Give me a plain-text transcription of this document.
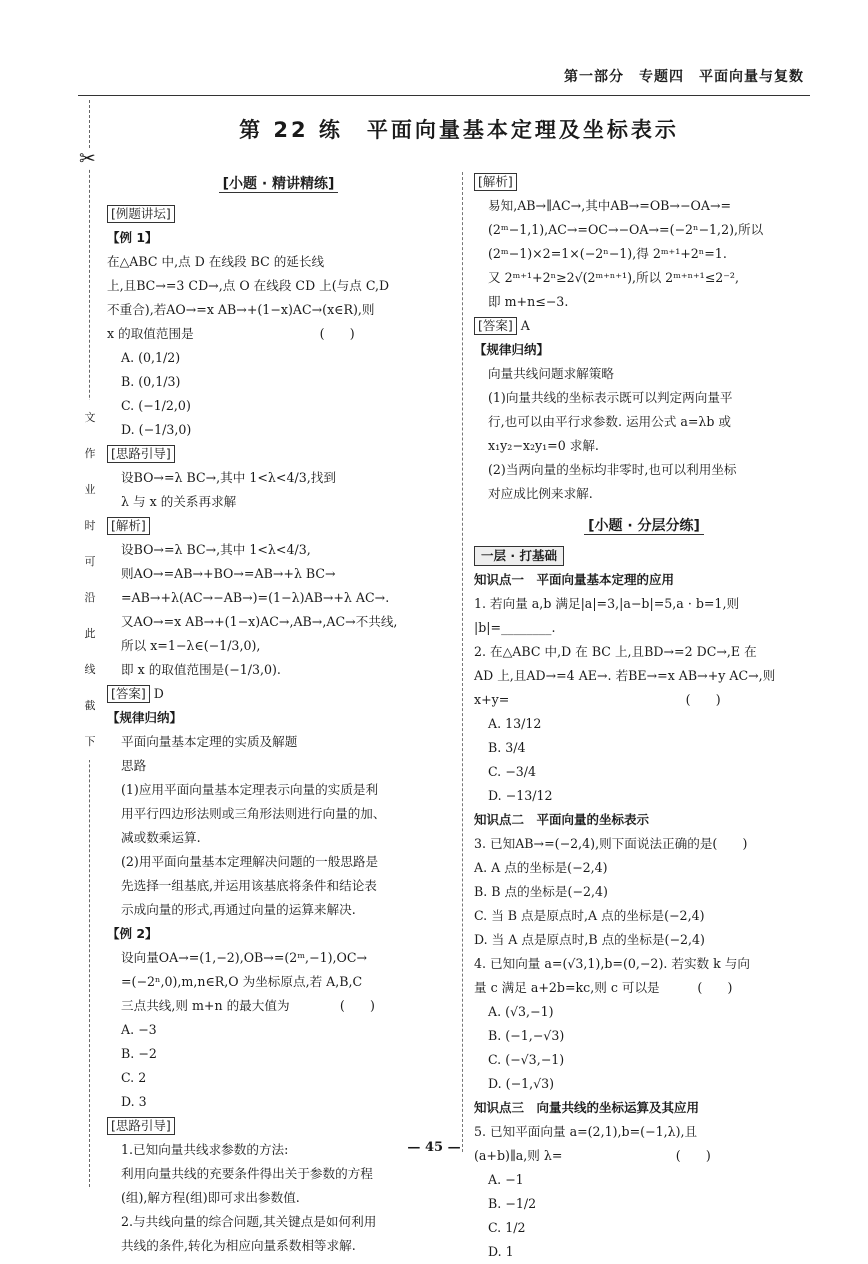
第一部分　专题四　平面向量与复数
✂
文
作
业
时
可
沿
此
线
截
下
第 22 练　平面向量基本定理及坐标表示
[小题 · 精讲精练]
[例题讲坛]
【例 1】
在△ABC 中,点 D 在线段 BC 的延长线
上,且BC→=3 CD→,点 O 在线段 CD 上(与点 C,D
不重合),若AO→=x AB→+(1−x)AC→(x∈R),则
x 的取值范围是　　　　　　　　　　(　　)
A. (0,1/2)
B. (0,1/3)
C. (−1/2,0)
D. (−1/3,0)
[思路引导]
设BO→=λ BC→,其中 1<λ<4/3,找到
λ 与 x 的关系再求解
[解析]
设BO→=λ BC→,其中 1<λ<4/3,
则AO→=AB→+BO→=AB→+λ BC→
=AB→+λ(AC→−AB→)=(1−λ)AB→+λ AC→.
又AO→=x AB→+(1−x)AC→,AB→,AC→不共线,
所以 x=1−λ∈(−1/3,0),
即 x 的取值范围是(−1/3,0).
[答案] D
【规律归纳】
平面向量基本定理的实质及解题
思路
(1)应用平面向量基本定理表示向量的实质是利
用平行四边形法则或三角形法则进行向量的加、
减或数乘运算.
(2)用平面向量基本定理解决问题的一般思路是
先选择一组基底,并运用该基底将条件和结论表
示成向量的形式,再通过向量的运算来解决.
【例 2】
设向量OA→=(1,−2),OB→=(2ᵐ,−1),OC→
=(−2ⁿ,0),m,n∈R,O 为坐标原点,若 A,B,C
三点共线,则 m+n 的最大值为　　　　(　　)
A. −3
B. −2
C. 2
D. 3
[思路引导]
1.已知向量共线求参数的方法:
利用向量共线的充要条件得出关于参数的方程
(组),解方程(组)即可求出参数值.
2.与共线向量的综合问题,其关键点是如何利用
共线的条件,转化为相应向量系数相等求解.
[解析]
易知,AB→∥AC→,其中AB→=OB→−OA→=
(2ᵐ−1,1),AC→=OC→−OA→=(−2ⁿ−1,2),所以
(2ᵐ−1)×2=1×(−2ⁿ−1),得 2ᵐ⁺¹+2ⁿ=1.
又 2ᵐ⁺¹+2ⁿ≥2√(2ᵐ⁺ⁿ⁺¹),所以 2ᵐ⁺ⁿ⁺¹≤2⁻²,
即 m+n≤−3.
[答案] A
【规律归纳】
向量共线问题求解策略
(1)向量共线的坐标表示既可以判定两向量平
行,也可以由平行求参数. 运用公式 a=λb 或
x₁y₂−x₂y₁=0 求解.
(2)当两向量的坐标均非零时,也可以利用坐标
对应成比例来求解.
[小题 · 分层分练]
一层 · 打基础
知识点一　平面向量基本定理的应用
1. 若向量 a,b 满足|a|=3,|a−b|=5,a · b=1,则
|b|=________.
2. 在△ABC 中,D 在 BC 上,且BD→=2 DC→,E 在
AD 上,且AD→=4 AE→. 若BE→=x AB→+y AC→,则
x+y=　　　　　　　　　　　　　　(　　)
A. 13/12
B. 3/4
C. −3/4
D. −13/12
知识点二　平面向量的坐标表示
3. 已知AB→=(−2,4),则下面说法正确的是(　　)
A. A 点的坐标是(−2,4)
B. B 点的坐标是(−2,4)
C. 当 B 点是原点时,A 点的坐标是(−2,4)
D. 当 A 点是原点时,B 点的坐标是(−2,4)
4. 已知向量 a=(√3,1),b=(0,−2). 若实数 k 与向
量 c 满足 a+2b=kc,则 c 可以是　　　(　　)
A. (√3,−1)
B. (−1,−√3)
C. (−√3,−1)
D. (−1,√3)
知识点三　向量共线的坐标运算及其应用
5. 已知平面向量 a=(2,1),b=(−1,λ),且
(a+b)∥a,则 λ=　　　　　　　　　(　　)
A. −1
B. −1/2
C. 1/2
D. 1
— 45 —
